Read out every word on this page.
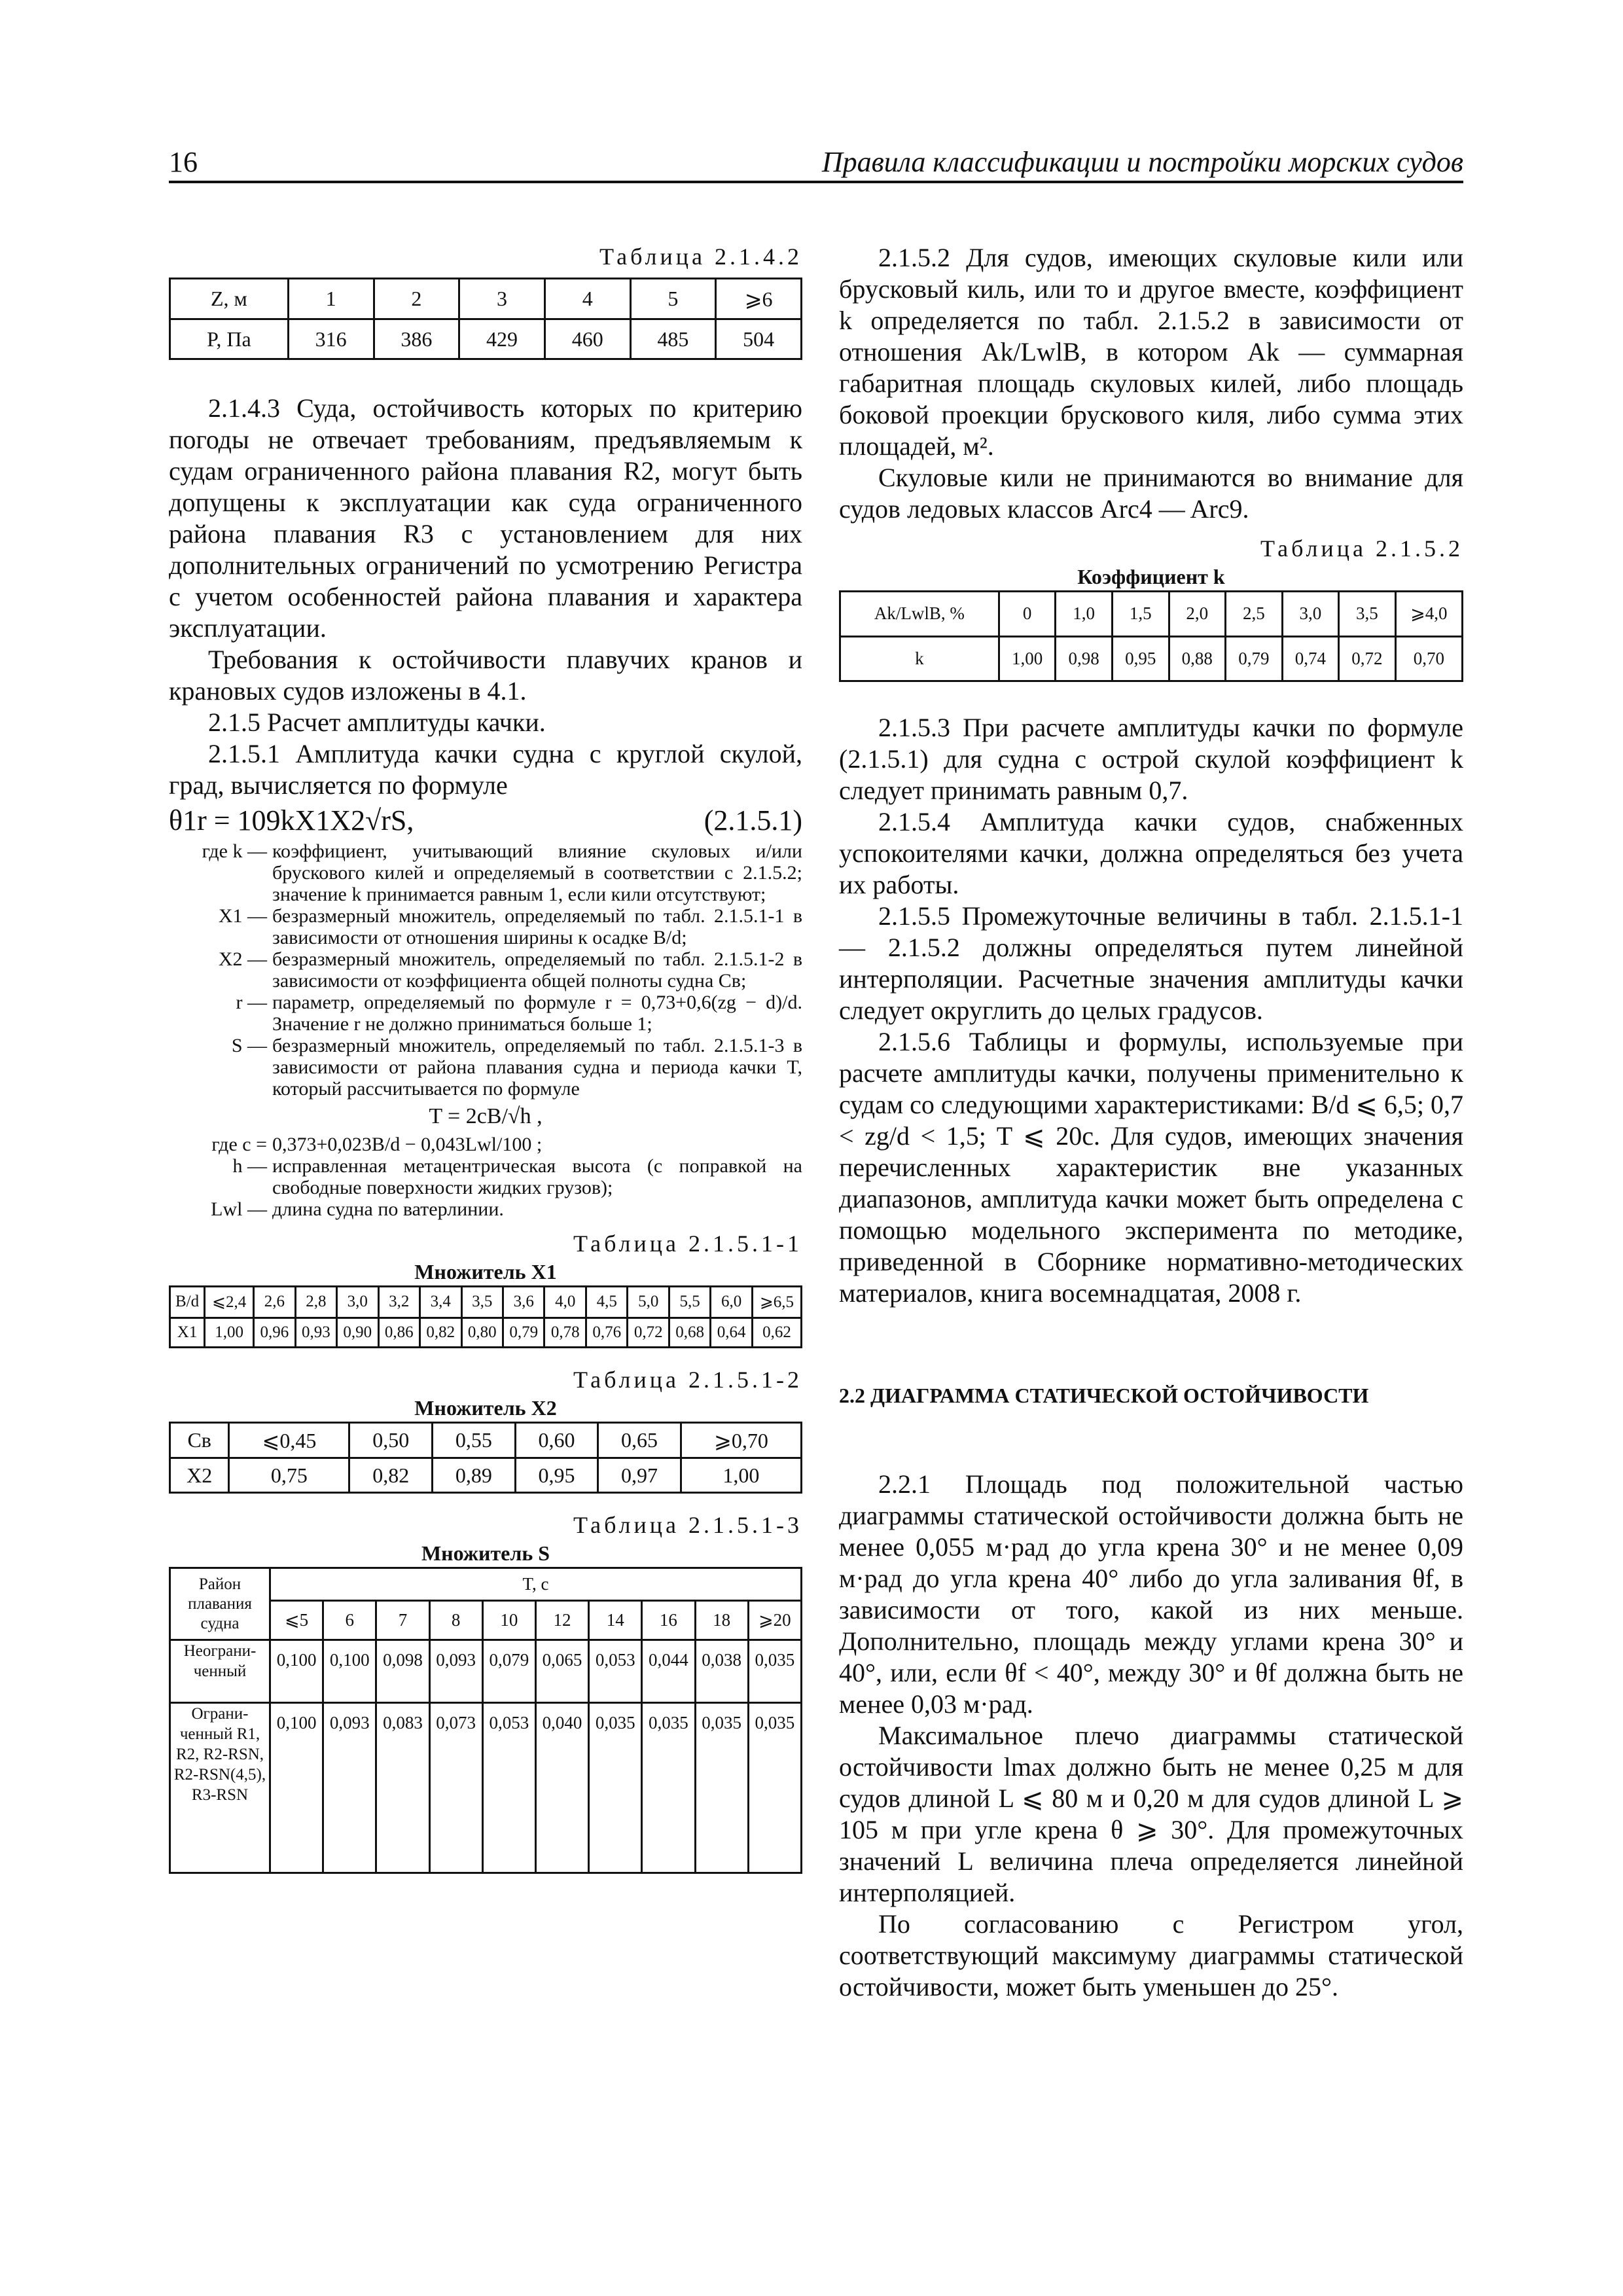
16	Правила классификации и постройки морских судов
Таблица 2.1.4.2
Z, м	1	2	3	4	5	⩾6
P, Па	316	386	429	460	485	504

2.1.4.3 Суда, остойчивость которых по критерию погоды не отвечает требованиям, предъявляемым к судам ограниченного района плавания R2, могут быть допущены к эксплуатации как суда ограниченного района плавания R3 с установлением для них дополнительных ограничений по усмотрению Регистра с учетом особенностей района плавания и характера эксплуатации.

Требования к остойчивости плавучих кранов и крановых судов изложены в 4.1.

2.1.5 Расчет амплитуды качки.

2.1.5.1 Амплитуда качки судна с круглой скулой, град, вычисляется по формуле

θ1r = 109kX1X2√rS,	(2.1.5.1)
где k — коэффициент, учитывающий влияние скуловых и/или брускового килей и определяемый в соответствии с 2.1.5.2; значение k принимается равным 1, если кили отсутствуют;
X1 — безразмерный множитель, определяемый по табл. 2.1.5.1-1 в зависимости от отношения ширины к осадке B/d;
X2 — безразмерный множитель, определяемый по табл. 2.1.5.1-2 в зависимости от коэффициента общей полноты судна Cв;
r — параметр, определяемый по формуле r = 0,73+0,6(zg − d)/d. Значение r не должно приниматься больше 1;
S — безразмерный множитель, определяемый по табл. 2.1.5.1-3 в зависимости от района плавания судна и периода качки T, который рассчитывается по формуле
T = 2cB/√h ,
где c = 0,373+0,023B/d − 0,043Lwl/100 ;
h — исправленная метацентрическая высота (с поправкой на свободные поверхности жидких грузов);
Lwl — длина судна по ватерлинии.
Таблица 2.1.5.1-1
Множитель X1
B/d	⩽2,4	2,6	2,8	3,0	3,2	3,4	3,5	3,6	4,0	4,5	5,0	5,5	6,0	⩾6,5
X1	1,00	0,96	0,93	0,90	0,86	0,82	0,80	0,79	0,78	0,76	0,72	0,68	0,64	0,62
Таблица 2.1.5.1-2
Множитель X2
Cв	⩽0,45	0,50	0,55	0,60	0,65	⩾0,70
X2	0,75	0,82	0,89	0,95	0,97	1,00
Таблица 2.1.5.1-3
Множитель S
Район плавания судна	T, с									
	⩽5	6	7	8	10	12	14	16	18	⩾20
Неограни-ченный	0,100	0,100	0,098	0,093	0,079	0,065	0,053	0,044	0,038	0,035
Ограни-ченный R1, R2, R2-RSN, R2-RSN(4,5), R3-RSN	0,100	0,093	0,083	0,073	0,053	0,040	0,035	0,035	0,035	0,035

2.1.5.2 Для судов, имеющих скуловые кили или брусковый киль, или то и другое вместе, коэффициент k определяется по табл. 2.1.5.2 в зависимости от отношения Ak/LwlB, в котором Ak — суммарная габаритная площадь скуловых килей, либо площадь боковой проекции брускового киля, либо сумма этих площадей, м².

Скуловые кили не принимаются во внимание для судов ледовых классов Arc4 — Arc9.

Таблица 2.1.5.2
Коэффициент k
Ak/LwlB, %	0	1,0	1,5	2,0	2,5	3,0	3,5	⩾4,0
k	1,00	0,98	0,95	0,88	0,79	0,74	0,72	0,70

2.1.5.3 При расчете амплитуды качки по формуле (2.1.5.1) для судна с острой скулой коэффициент k следует принимать равным 0,7.

2.1.5.4 Амплитуда качки судов, снабженных успокоителями качки, должна определяться без учета их работы.

2.1.5.5 Промежуточные величины в табл. 2.1.5.1-1 — 2.1.5.2 должны определяться путем линейной интерполяции. Расчетные значения амплитуды качки следует округлить до целых градусов.

2.1.5.6 Таблицы и формулы, используемые при расчете амплитуды качки, получены применительно к судам со следующими характеристиками: B/d ⩽ 6,5; 0,7 < zg/d < 1,5; T ⩽ 20c. Для судов, имеющих значения перечисленных характеристик вне указанных диапазонов, амплитуда качки может быть определена с помощью модельного эксперимента по методике, приведенной в Сборнике нормативно-методических материалов, книга восемнадцатая, 2008 г.

2.2 ДИАГРАММА СТАТИЧЕСКОЙ ОСТОЙЧИВОСТИ

2.2.1 Площадь под положительной частью диаграммы статической остойчивости должна быть не менее 0,055 м·рад до угла крена 30° и не менее 0,09 м·рад до угла крена 40° либо до угла заливания θf, в зависимости от того, какой из них меньше. Дополнительно, площадь между углами крена 30° и 40°, или, если θf < 40°, между 30° и θf должна быть не менее 0,03 м·рад.

Максимальное плечо диаграммы статической остойчивости lmax должно быть не менее 0,25 м для судов длиной L ⩽ 80 м и 0,20 м для судов длиной L ⩾ 105 м при угле крена θ ⩾ 30°. Для промежуточных значений L величина плеча определяется линейной интерполяцией.

По согласованию с Регистром угол, соответствующий максимуму диаграммы статической остойчивости, может быть уменьшен до 25°.
